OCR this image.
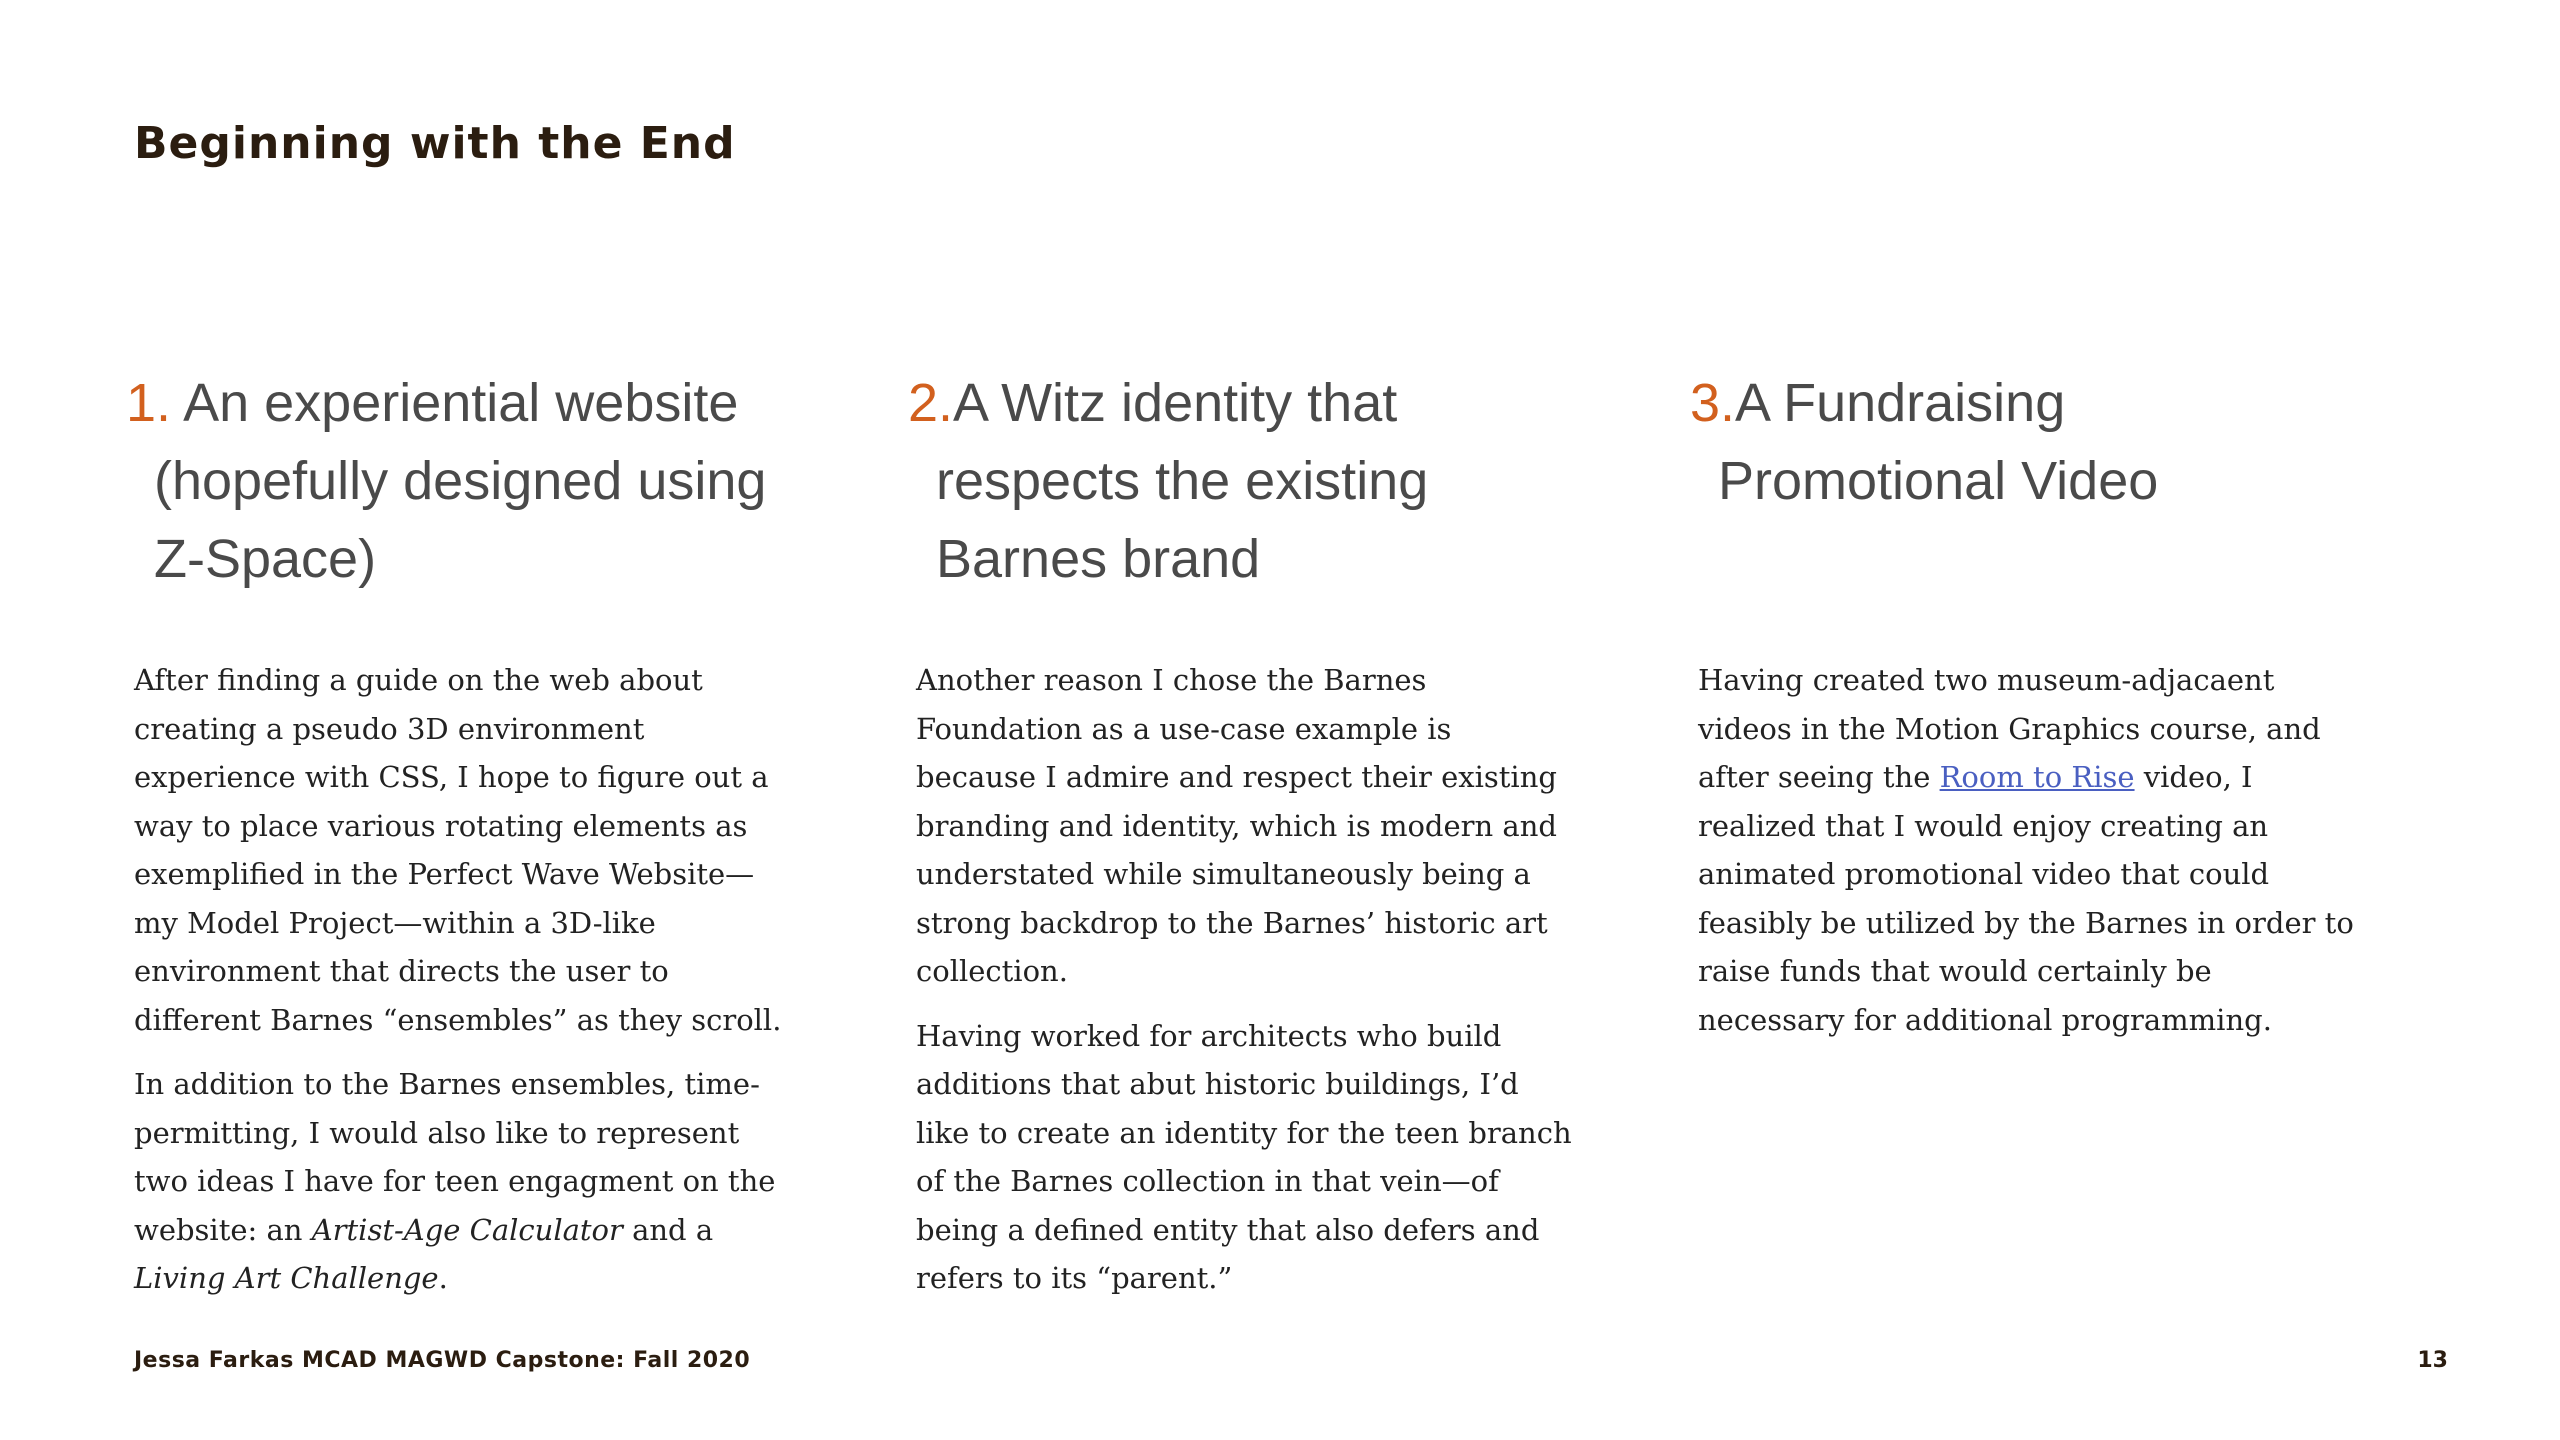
Beginning with the End
1. An experiential website
(hopefully designed using
Z-Space)

After finding a guide on the web about creating a pseudo 3D environment experience with CSS, I hope to figure out a way to place various rotating elements as exemplified in the Perfect Wave Website—my Model Project—within a 3D-like environment that directs the user to different Barnes “ensembles” as they scroll.

In addition to the Barnes ensembles, time-permitting, I would also like to represent two ideas I have for teen engagment on the website: an Artist-Age Calculator and a Living Art Challenge.

2.A Witz identity that
respects the existing
Barnes brand

Another reason I chose the Barnes Foundation as a use-case example is because I admire and respect their existing branding and identity, which is modern and understated while simultaneously being a strong backdrop to the Barnes’ historic art collection.

Having worked for architects who build additions that abut historic buildings, I’d like to create an identity for the teen branch of the Barnes collection in that vein—of being a defined entity that also defers and refers to its “parent.”

3.A Fundraising
Promotional Video

Having created two museum-adjacaent videos in the Motion Graphics course, and after seeing the Room to Rise video, I realized that I would enjoy creating an animated promotional video that could feasibly be utilized by the Barnes in order to raise funds that would certainly be necessary for additional programming.

Jessa Farkas MCAD MAGWD Capstone: Fall 2020	13
